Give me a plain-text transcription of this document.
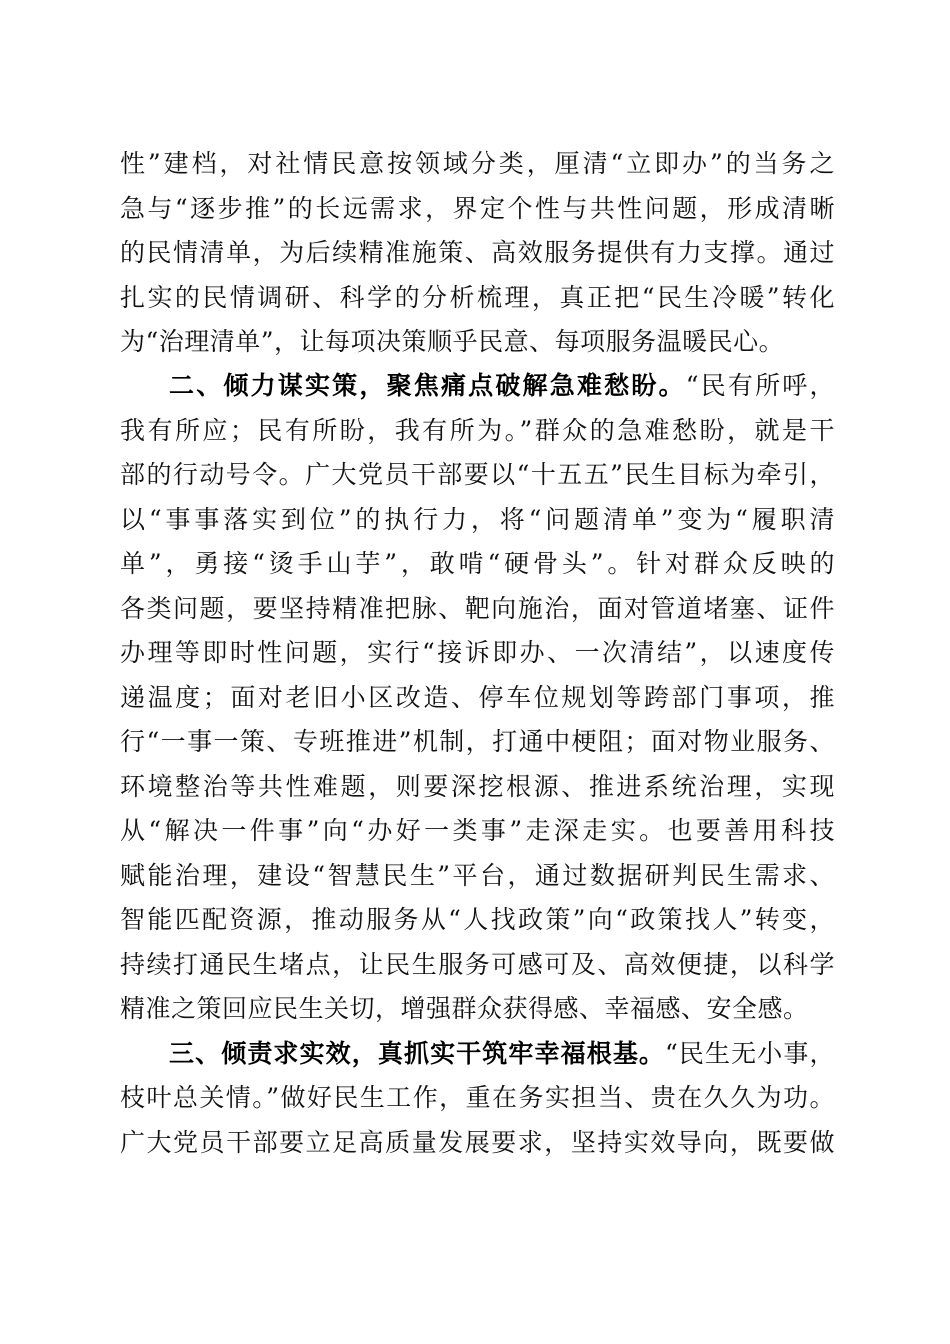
性”建档，对社情民意按领域分类，厘清“立即办”的当务之
急与“逐步推”的长远需求，界定个性与共性问题，形成清晰
的民情清单，为后续精准施策、高效服务提供有力支撑。通过
扎实的民情调研、科学的分析梳理，真正把“民生冷暖”转化
为“治理清单”，让每项决策顺乎民意、每项服务温暖民心。
二、倾力谋实策，聚焦痛点破解急难愁盼。“民有所呼，
我有所应；民有所盼，我有所为。”群众的急难愁盼，就是干
部的行动号令。广大党员干部要以“十五五”民生目标为牵引，
以“事事落实到位”的执行力，将“问题清单”变为“履职清
单”，勇接“烫手山芋”，敢啃“硬骨头”。针对群众反映的
各类问题，要坚持精准把脉、靶向施治，面对管道堵塞、证件
办理等即时性问题，实行“接诉即办、一次清结”，以速度传
递温度；面对老旧小区改造、停车位规划等跨部门事项，推
行“一事一策、专班推进”机制，打通中梗阻；面对物业服务、
环境整治等共性难题，则要深挖根源、推进系统治理，实现
从“解决一件事”向“办好一类事”走深走实。也要善用科技
赋能治理，建设“智慧民生”平台，通过数据研判民生需求、
智能匹配资源，推动服务从“人找政策”向“政策找人”转变，
持续打通民生堵点，让民生服务可感可及、高效便捷，以科学
精准之策回应民生关切，增强群众获得感、幸福感、安全感。
三、倾责求实效，真抓实干筑牢幸福根基。“民生无小事，
枝叶总关情。”做好民生工作，重在务实担当、贵在久久为功。
广大党员干部要立足高质量发展要求，坚持实效导向，既要做
